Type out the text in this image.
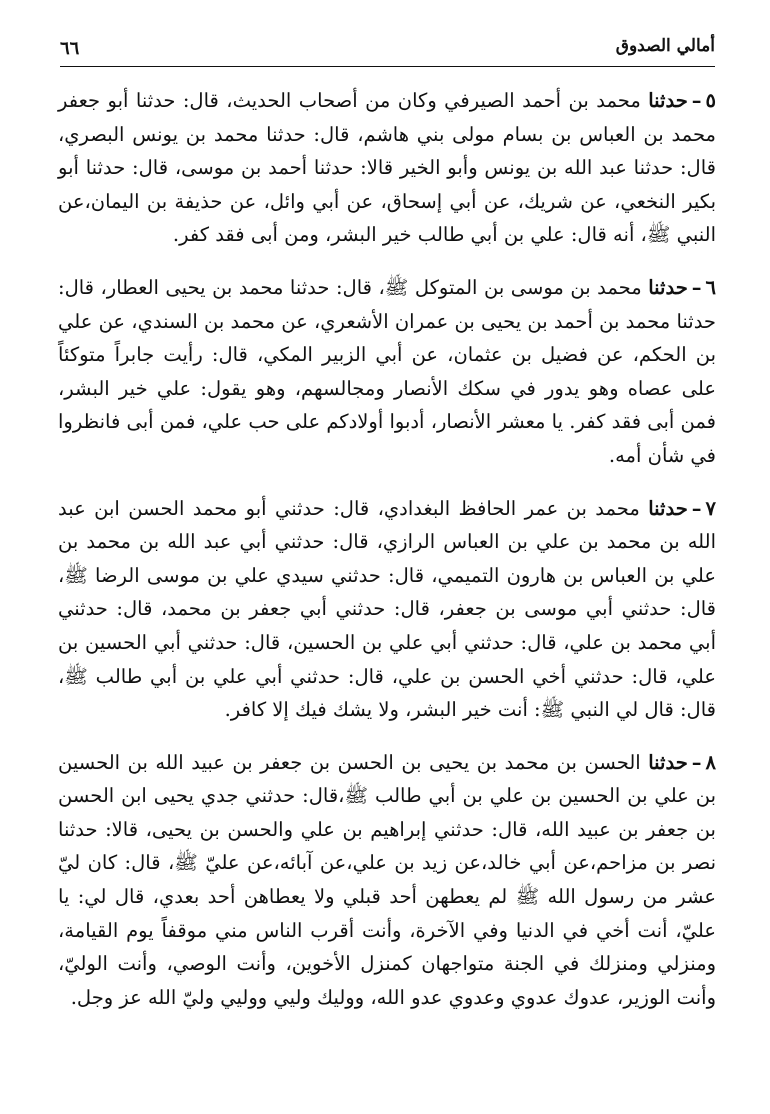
أمالي الصدوق
٦٦

٥–حدثنا محمد بن أحمد الصيرفي وكان من أصحاب الحديث، قال: حدثنا أبو جعفر محمد بن العباس بن بسام مولى بني هاشم، قال: حدثنا محمد بن يونس البصري، قال: حدثنا عبد الله بن يونس وأبو الخير قالا: حدثنا أحمد بن موسى، قال: حدثنا أبو بكير النخعي، عن شريك، عن أبي إسحاق، عن أبي وائل، عن حذيفة بن اليمان،عن النبي ﷺ، أنه قال: علي بن أبي طالب خير البشر، ومن أبى فقد كفر.

٦–حدثنا محمد بن موسى بن المتوكل ﷺ، قال: حدثنا محمد بن يحيى العطار، قال: حدثنا محمد بن أحمد بن يحيى بن عمران الأشعري، عن محمد بن السندي، عن علي بن الحكم، عن فضيل بن عثمان، عن أبي الزبير المكي، قال: رأيت جابراً متوكئاً على عصاه وهو يدور في سكك الأنصار ومجالسهم، وهو يقول: علي خير البشر، فمن أبى فقد كفر. يا معشر الأنصار، أدبوا أولادكم على حب علي، فمن أبى فانظروا في شأن أمه.

٧–حدثنا محمد بن عمر الحافظ البغدادي، قال: حدثني أبو محمد الحسن ابن عبد الله بن محمد بن علي بن العباس الرازي، قال: حدثني أبي عبد الله بن محمد بن علي بن العباس بن هارون التميمي، قال: حدثني سيدي علي بن موسى الرضا ﷺ، قال: حدثني أبي موسى بن جعفر، قال: حدثني أبي جعفر بن محمد، قال: حدثني أبي محمد بن علي، قال: حدثني أبي علي بن الحسين، قال: حدثني أبي الحسين بن علي، قال: حدثني أخي الحسن بن علي، قال: حدثني أبي علي بن أبي طالب ﷺ، قال: قال لي النبي ﷺ: أنت خير البشر، ولا يشك فيك إلا كافر.

٨–حدثنا الحسن بن محمد بن يحيى بن الحسن بن جعفر بن عبيد الله بن الحسين بن علي بن الحسين بن علي بن أبي طالب ﷺ،قال: حدثني جدي يحيى ابن الحسن بن جعفر بن عبيد الله، قال: حدثني إبراهيم بن علي والحسن بن يحيى، قالا: حدثنا نصر بن مزاحم،عن أبي خالد،عن زيد بن علي،عن آبائه،عن عليّ ﷺ، قال: كان ليّ عشر من رسول الله ﷺ لم يعطهن أحد قبلي ولا يعطاهن أحد بعدي، قال لي: يا عليّ، أنت أخي في الدنيا وفي الآخرة، وأنت أقرب الناس مني موقفاً يوم القيامة، ومنزلي ومنزلك في الجنة متواجهان كمنزل الأخوين، وأنت الوصي، وأنت الوليّ، وأنت الوزير، عدوك عدوي وعدوي عدو الله، ووليك وليي ووليي وليّ الله عز وجل.
